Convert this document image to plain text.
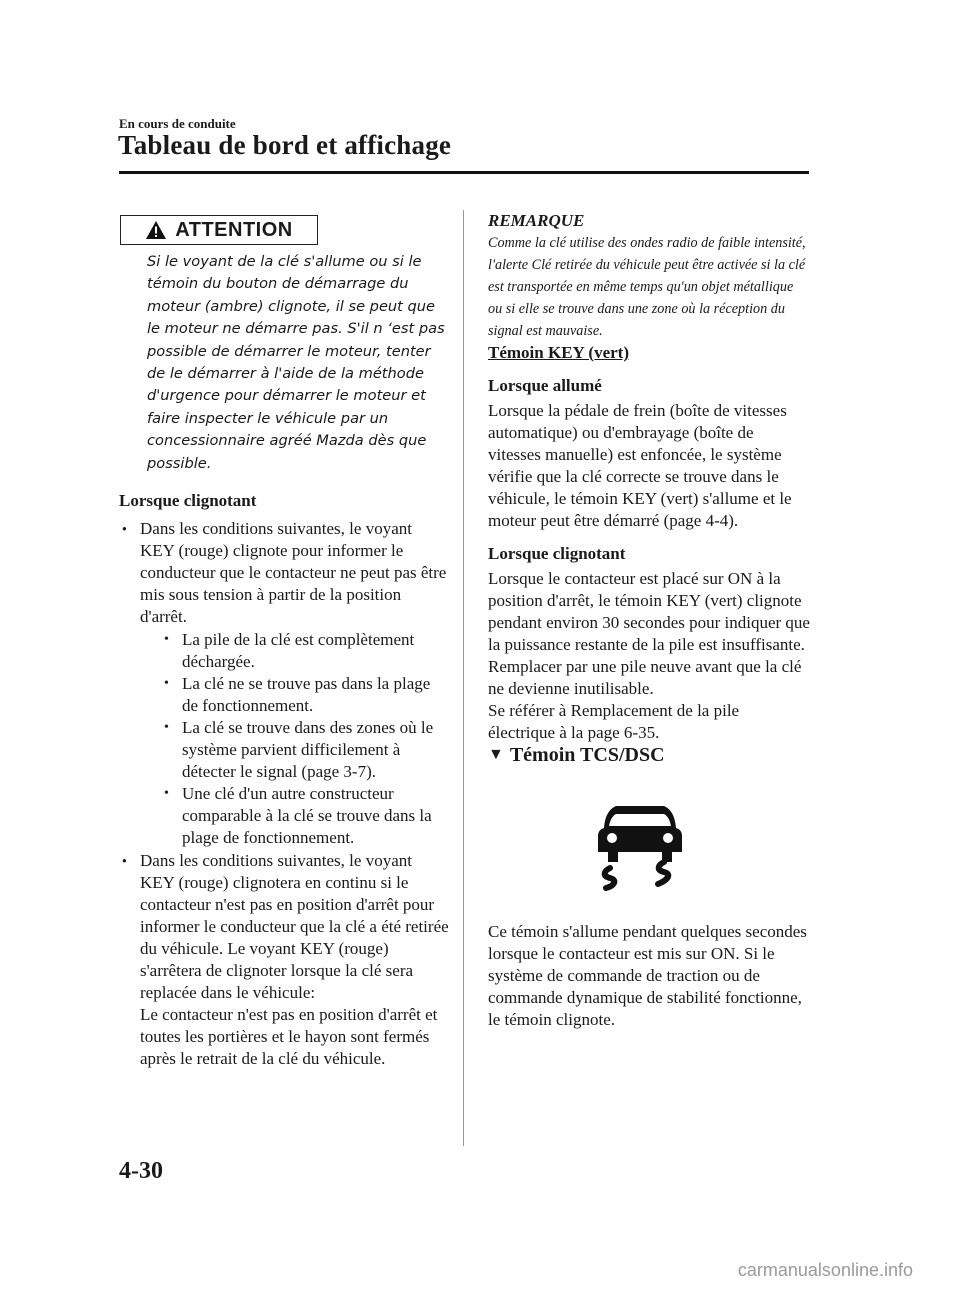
En cours de conduite
Tableau de bord et affichage
ATTENTION
Si le voyant de la clé s'allume ou si le témoin du bouton de démarrage du moteur (ambre) clignote, il se peut que le moteur ne démarre pas. S'il n ‘est pas possible de démarrer le moteur, tenter de le démarrer à l'aide de la méthode d'urgence pour démarrer le moteur et faire inspecter le véhicule par un concessionnaire agréé Mazda dès que possible.
Lorsque clignotant
● Dans les conditions suivantes, le voyant KEY (rouge) clignote pour informer le conducteur que le contacteur ne peut pas être mis sous tension à partir de la position d'arrêt.
• La pile de la clé est complètement déchargée.
• La clé ne se trouve pas dans la plage de fonctionnement.
• La clé se trouve dans des zones où le système parvient difficilement à détecter le signal (page 3-7).
• Une clé d'un autre constructeur comparable à la clé se trouve dans la plage de fonctionnement.
● Dans les conditions suivantes, le voyant KEY (rouge) clignotera en continu si le contacteur n'est pas en position d'arrêt pour informer le conducteur que la clé a été retirée du véhicule. Le voyant KEY (rouge) s'arrêtera de clignoter lorsque la clé sera replacée dans le véhicule:
Le contacteur n'est pas en position d'arrêt et toutes les portières et le hayon sont fermés après le retrait de la clé du véhicule.

REMARQUE

Comme la clé utilise des ondes radio de faible intensité, l'alerte Clé retirée du véhicule peut être activée si la clé est transportée en même temps qu'un objet métallique ou si elle se trouve dans une zone où la réception du signal est mauvaise.

Témoin KEY (vert)

Lorsque allumé

Lorsque la pédale de frein (boîte de vitesses automatique) ou d'embrayage (boîte de vitesses manuelle) est enfoncée, le système vérifie que la clé correcte se trouve dans le véhicule, le témoin KEY (vert) s'allume et le moteur peut être démarré (page 4-4).

Lorsque clignotant

Lorsque le contacteur est placé sur ON à la position d'arrêt, le témoin KEY (vert) clignote pendant environ 30 secondes pour indiquer que la puissance restante de la pile est insuffisante. Remplacer par une pile neuve avant que la clé ne devienne inutilisable.

Se référer à Remplacement de la pile électrique à la page 6-35.

▼ Témoin TCS/DSC

Ce témoin s'allume pendant quelques secondes lorsque le contacteur est mis sur ON. Si le système de commande de traction ou de commande dynamique de stabilité fonctionne, le témoin clignote.

4-30
carmanualsonline.info
